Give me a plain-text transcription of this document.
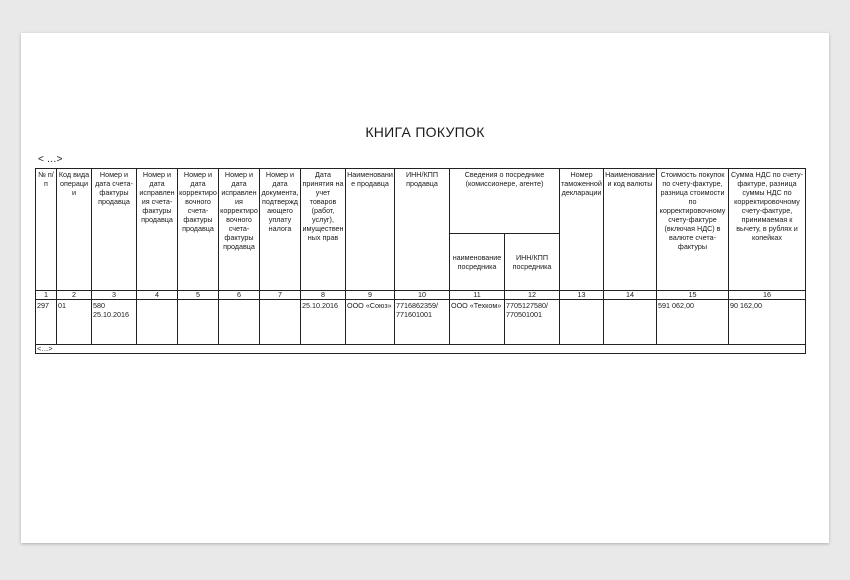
КНИГА ПОКУПОК
< …>
№ п/п	Код вида операции	Номер и дата счета-фактуры продавца	Номер и дата исправления счета-фактуры продавца	Номер и дата корректировочного счета-фактуры продавца	Номер и дата исправления корректировочного счета-фактуры продавца	Номер и дата документа, подтверждающего уплату налога	Дата принятия на учет товаров (работ, услуг), имущественных прав	Наименование продавца	ИНН/КПП продавца	Сведения о посреднике (комиссионере, агенте)		Номер таможенной декларации	Наименование и код валюты	Стоимость покупок по счету-фактуре, разница стоимости по корректировочному счету-фактуре (включая НДС) в валюте счета-фактуры	Сумма НДС по счету-фактуре, разница суммы НДС по корректировочному счету-фактуре, принимаемая к вычету, в рублях и копейках
										наименование посредника	ИНН/КПП посредника				
1	2	3	4	5	6	7	8	9	10	11	12	13	14	15	16
297	01	580 25.10.2016					25.10.2016	ООО «Союз»	7716862359/ 771601001	ООО «Техком»	7705127580/ 770501001			591 062,00	90 162,00
<…>															
